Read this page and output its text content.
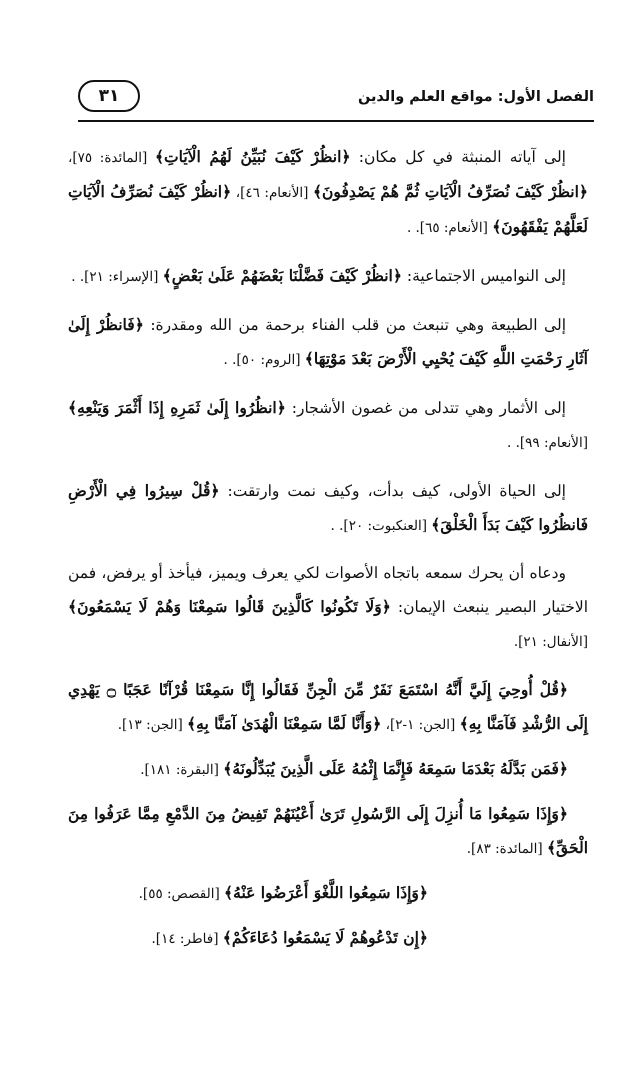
الفصل الأول: مواقع العلم والدين
٣١

إلى آياته المنبثة في كل مكان: ﴿انظُرْ كَيْفَ نُبَيِّنُ لَهُمُ الْآيَاتِ﴾ [المائدة: ٧٥]، ﴿انظُرْ كَيْفَ نُصَرِّفُ الْآيَاتِ ثُمَّ هُمْ يَصْدِفُونَ﴾ [الأنعام: ٤٦]، ﴿انظُرْ كَيْفَ نُصَرِّفُ الْآيَاتِ لَعَلَّهُمْ يَفْقَهُونَ﴾ [الأنعام: ٦٥]. .

إلى النواميس الاجتماعية: ﴿انظُرْ كَيْفَ فَضَّلْنَا بَعْضَهُمْ عَلَىٰ بَعْضٍ﴾ [الإسراء: ٢١]. .

إلى الطبيعة وهي تنبعث من قلب الفناء برحمة من الله ومقدرة: ﴿فَانظُرْ إِلَىٰ آثَارِ رَحْمَتِ اللَّهِ كَيْفَ يُحْيِي الْأَرْضَ بَعْدَ مَوْتِهَا﴾ [الروم: ٥٠]. .

إلى الأثمار وهي تتدلى من غصون الأشجار: ﴿انظُرُوا إِلَىٰ ثَمَرِهِ إِذَا أَثْمَرَ وَيَنْعِهِ﴾ [الأنعام: ٩٩]. .

إلى الحياة الأولى، كيف بدأت، وكيف نمت وارتقت: ﴿قُلْ سِيرُوا فِي الْأَرْضِ فَانظُرُوا كَيْفَ بَدَأَ الْخَلْقَ﴾ [العنكبوت: ٢٠]. .

ودعاه أن يحرك سمعه باتجاه الأصوات لكي يعرف ويميز، فيأخذ أو يرفض، فمن الاختيار البصير ينبعث الإيمان: ﴿وَلَا تَكُونُوا كَالَّذِينَ قَالُوا سَمِعْنَا وَهُمْ لَا يَسْمَعُونَ﴾ [الأنفال: ٢١].

﴿قُلْ أُوحِيَ إِلَيَّ أَنَّهُ اسْتَمَعَ نَفَرٌ مِّنَ الْجِنِّ فَقَالُوا إِنَّا سَمِعْنَا قُرْآنًا عَجَبًا ۝ يَهْدِي إِلَى الرُّشْدِ فَآمَنَّا بِهِ﴾ [الجن: ١-٢]، ﴿وَأَنَّا لَمَّا سَمِعْنَا الْهُدَىٰ آمَنَّا بِهِ﴾ [الجن: ١٣].

﴿فَمَن بَدَّلَهُ بَعْدَمَا سَمِعَهُ فَإِنَّمَا إِثْمُهُ عَلَى الَّذِينَ يُبَدِّلُونَهُ﴾ [البقرة: ١٨١].

﴿وَإِذَا سَمِعُوا مَا أُنزِلَ إِلَى الرَّسُولِ تَرَىٰ أَعْيُنَهُمْ تَفِيضُ مِنَ الدَّمْعِ مِمَّا عَرَفُوا مِنَ الْحَقِّ﴾ [المائدة: ٨٣].

﴿وَإِذَا سَمِعُوا اللَّغْوَ أَعْرَضُوا عَنْهُ﴾ [القصص: ٥٥].

﴿إِن تَدْعُوهُمْ لَا يَسْمَعُوا دُعَاءَكُمْ﴾ [فاطر: ١٤].
